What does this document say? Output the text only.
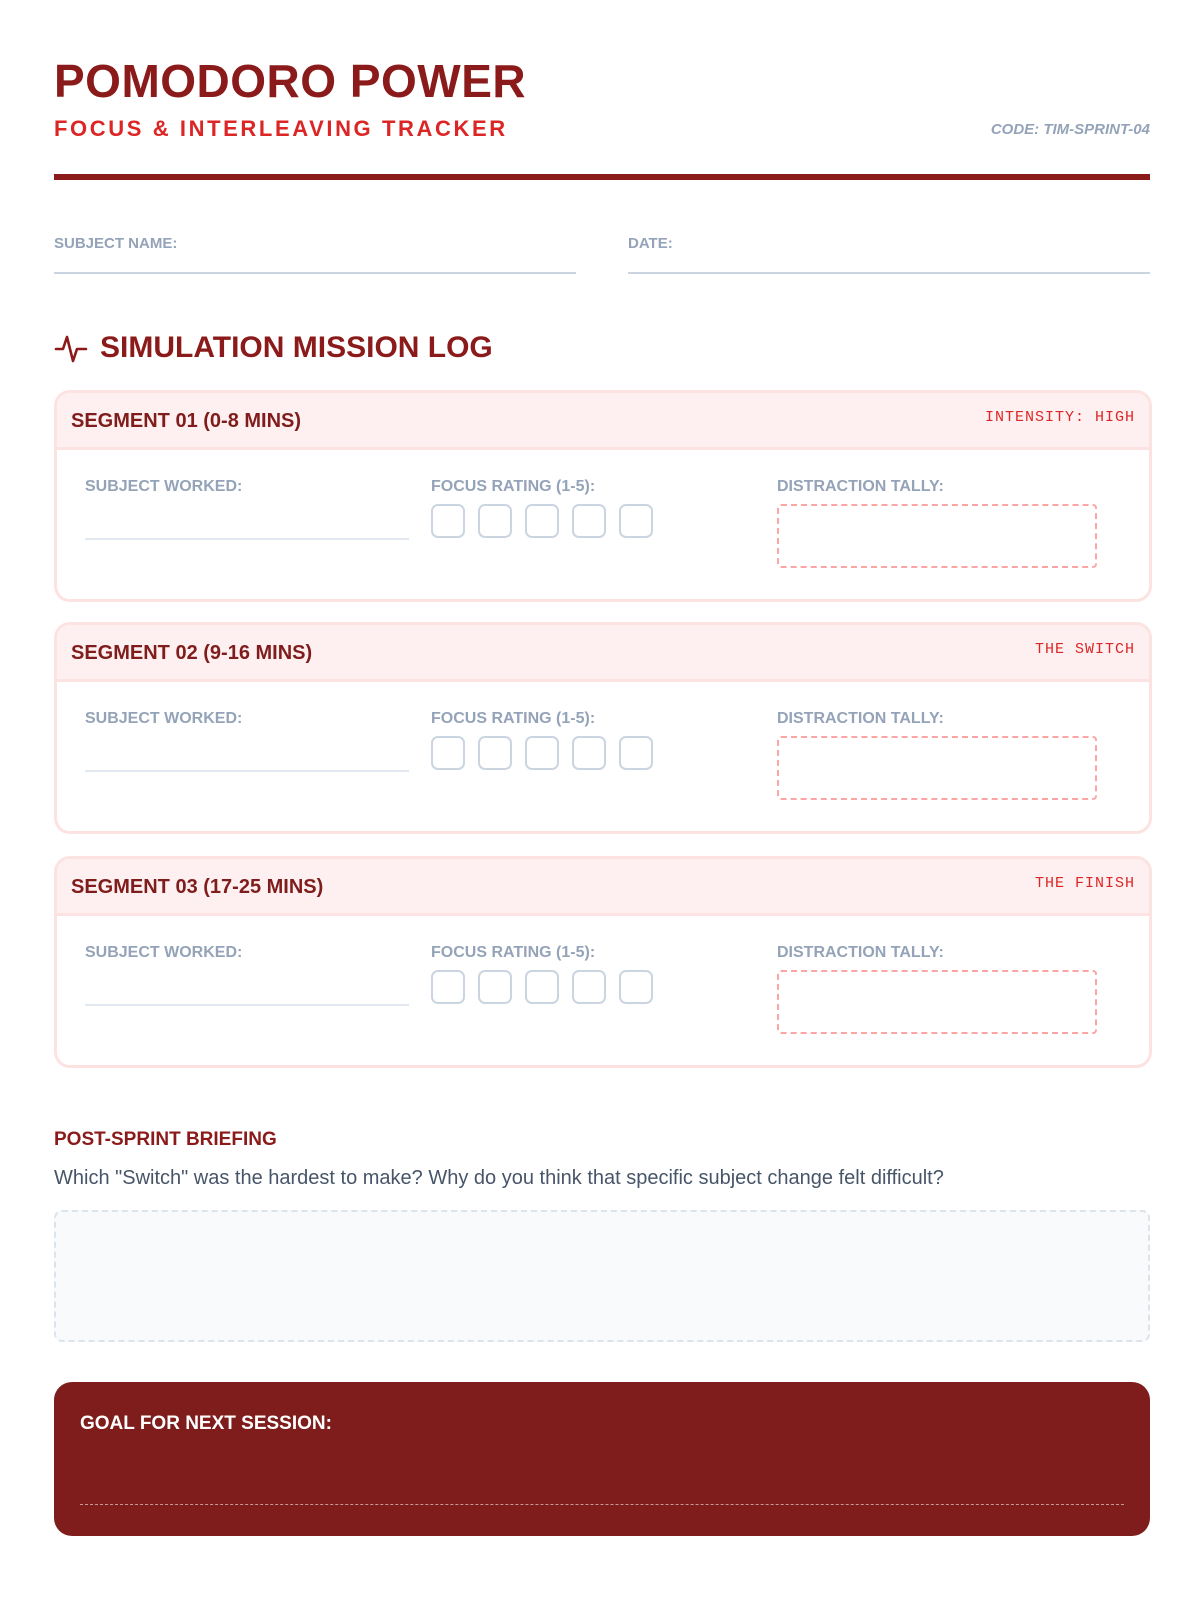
POMODORO POWER
FOCUS & INTERLEAVING TRACKER	CODE: TIM-SPRINT-04
SUBJECT NAME:	DATE:
SIMULATION MISSION LOG
SEGMENT 01 (0-8 MINS)	INTENSITY: HIGH
SUBJECT WORKED:	FOCUS RATING (1-5):	DISTRACTION TALLY:
SEGMENT 02 (9-16 MINS)	THE SWITCH
SUBJECT WORKED:	FOCUS RATING (1-5):	DISTRACTION TALLY:
SEGMENT 03 (17-25 MINS)	THE FINISH
SUBJECT WORKED:	FOCUS RATING (1-5):	DISTRACTION TALLY:
POST-SPRINT BRIEFING
Which "Switch" was the hardest to make? Why do you think that specific subject change felt difficult?
GOAL FOR NEXT SESSION:
